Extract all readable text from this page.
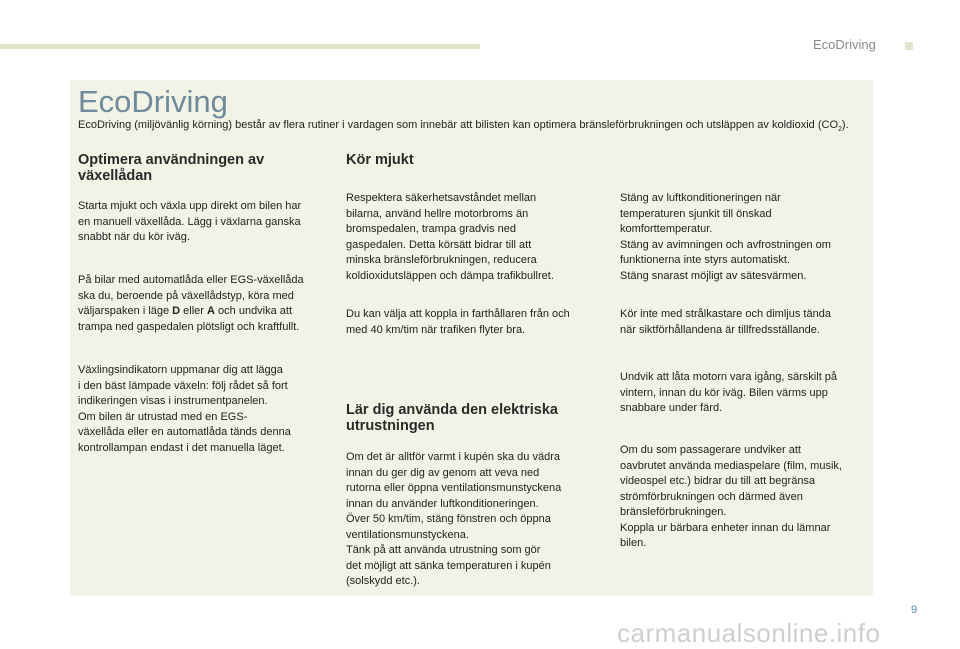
EcoDriving
EcoDriving
EcoDriving (miljövänlig körning) består av flera rutiner i vardagen som innebär att bilisten kan optimera bränsleförbrukningen och utsläppen av koldioxid $(CO_2)$.
Optimera användningen av
växellådan
Starta mjukt och växla upp direkt om bilen har
en manuell växellåda. Lägg i växlarna ganska
snabbt när du kör iväg.
På bilar med automatlåda eller EGS-växellåda
ska du, beroende på växellådstyp, köra med
väljarspaken i läge D eller A och undvika att
trampa ned gaspedalen plötsligt och kraftfullt.
Växlingsindikatorn uppmanar dig att lägga
i den bäst lämpade växeln: följ rådet så fort
indikeringen visas i instrumentpanelen.
Om bilen är utrustad med en EGS-
växellåda eller en automatlåda tänds denna
kontrollampan endast i det manuella läget.
Kör mjukt
Respektera säkerhetsavståndet mellan
bilarna, använd hellre motorbroms än
bromspedalen, trampa gradvis ned
gaspedalen. Detta körsätt bidrar till att
minska bränsleförbrukningen, reducera
koldioxidutsläppen och dämpa trafikbullret.
Du kan välja att koppla in farthållaren från och
med 40 km/tim när trafiken flyter bra.
Lär dig använda den elektriska
utrustningen
Om det är alltför varmt i kupén ska du vädra
innan du ger dig av genom att veva ned
rutorna eller öppna ventilationsmunstyckena
innan du använder luftkonditioneringen.
Över 50 km/tim, stäng fönstren och öppna
ventilationsmunstyckena.
Tänk på att använda utrustning som gör
det möjligt att sänka temperaturen i kupén
(solskydd etc.).
Stäng av luftkonditioneringen när
temperaturen sjunkit till önskad
komforttemperatur.
Stäng av avimningen och avfrostningen om
funktionerna inte styrs automatiskt.
Stäng snarast möjligt av sätesvärmen.
Kör inte med strålkastare och dimljus tända
när siktförhållandena är tillfredsställande.
Undvik att låta motorn vara igång, särskilt på
vintern, innan du kör iväg. Bilen värms upp
snabbare under färd.
Om du som passagerare undviker att
oavbrutet använda mediaspelare (film, musik,
videospel etc.) bidrar du till att begränsa
strömförbrukningen och därmed även
bränsleförbrukningen.
Koppla ur bärbara enheter innan du lämnar
bilen.
9
carmanualsonline.info
